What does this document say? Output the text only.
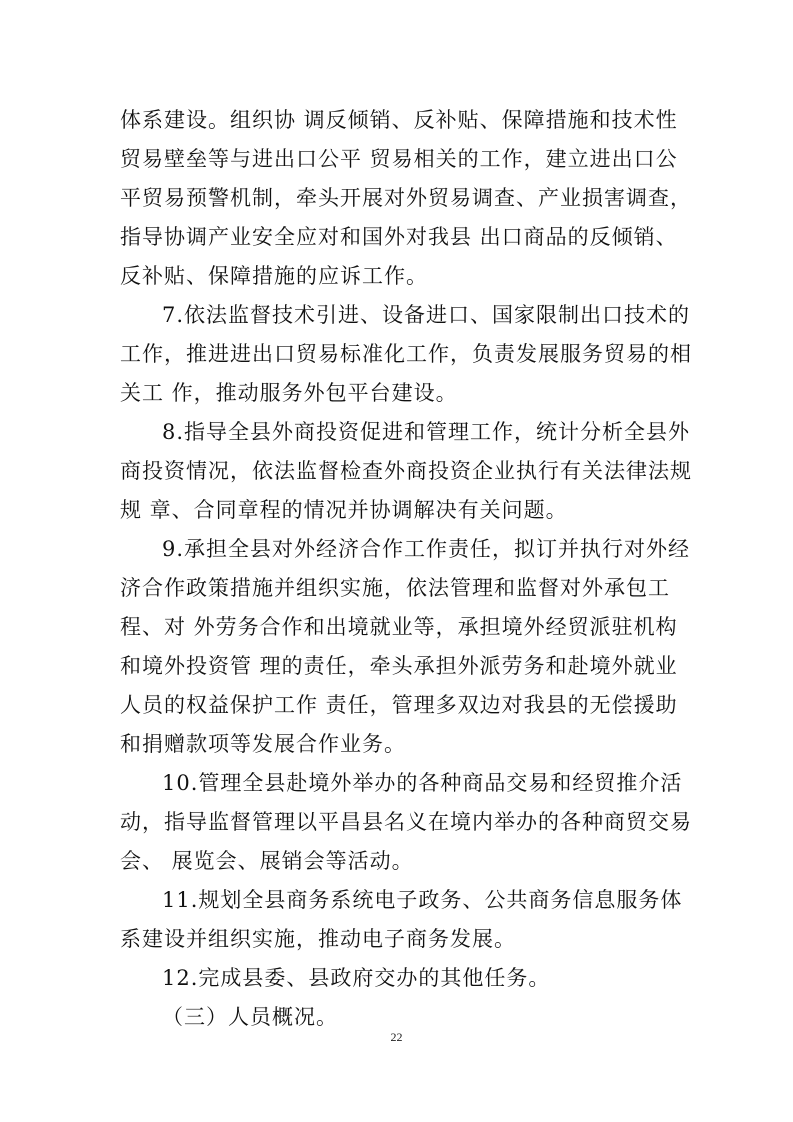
体系建设。组织协 调反倾销、反补贴、保障措施和技术性
贸易壁垒等与进出口公平 贸易相关的工作，建立进出口公
平贸易预警机制，牵头开展对外贸易调查、产业损害调查，
指导协调产业安全应对和国外对我县 出口商品的反倾销、
反补贴、保障措施的应诉工作。
7.依法监督技术引进、设备进口、国家限制出口技术的
工作，推进进出口贸易标准化工作，负责发展服务贸易的相
关工 作，推动服务外包平台建设。
8.指导全县外商投资促进和管理工作，统计分析全县外
商投资情况，依法监督检查外商投资企业执行有关法律法规
规 章、合同章程的情况并协调解决有关问题。
9.承担全县对外经济合作工作责任，拟订并执行对外经
济合作政策措施并组织实施，依法管理和监督对外承包工
程、对 外劳务合作和出境就业等，承担境外经贸派驻机构
和境外投资管 理的责任，牵头承担外派劳务和赴境外就业
人员的权益保护工作 责任，管理多双边对我县的无偿援助
和捐赠款项等发展合作业务。
10.管理全县赴境外举办的各种商品交易和经贸推介活
动，指导监督管理以平昌县名义在境内举办的各种商贸交易
会、 展览会、展销会等活动。
11.规划全县商务系统电子政务、公共商务信息服务体
系建设并组织实施，推动电子商务发展。
12.完成县委、县政府交办的其他任务。
（三）人员概况。
22
